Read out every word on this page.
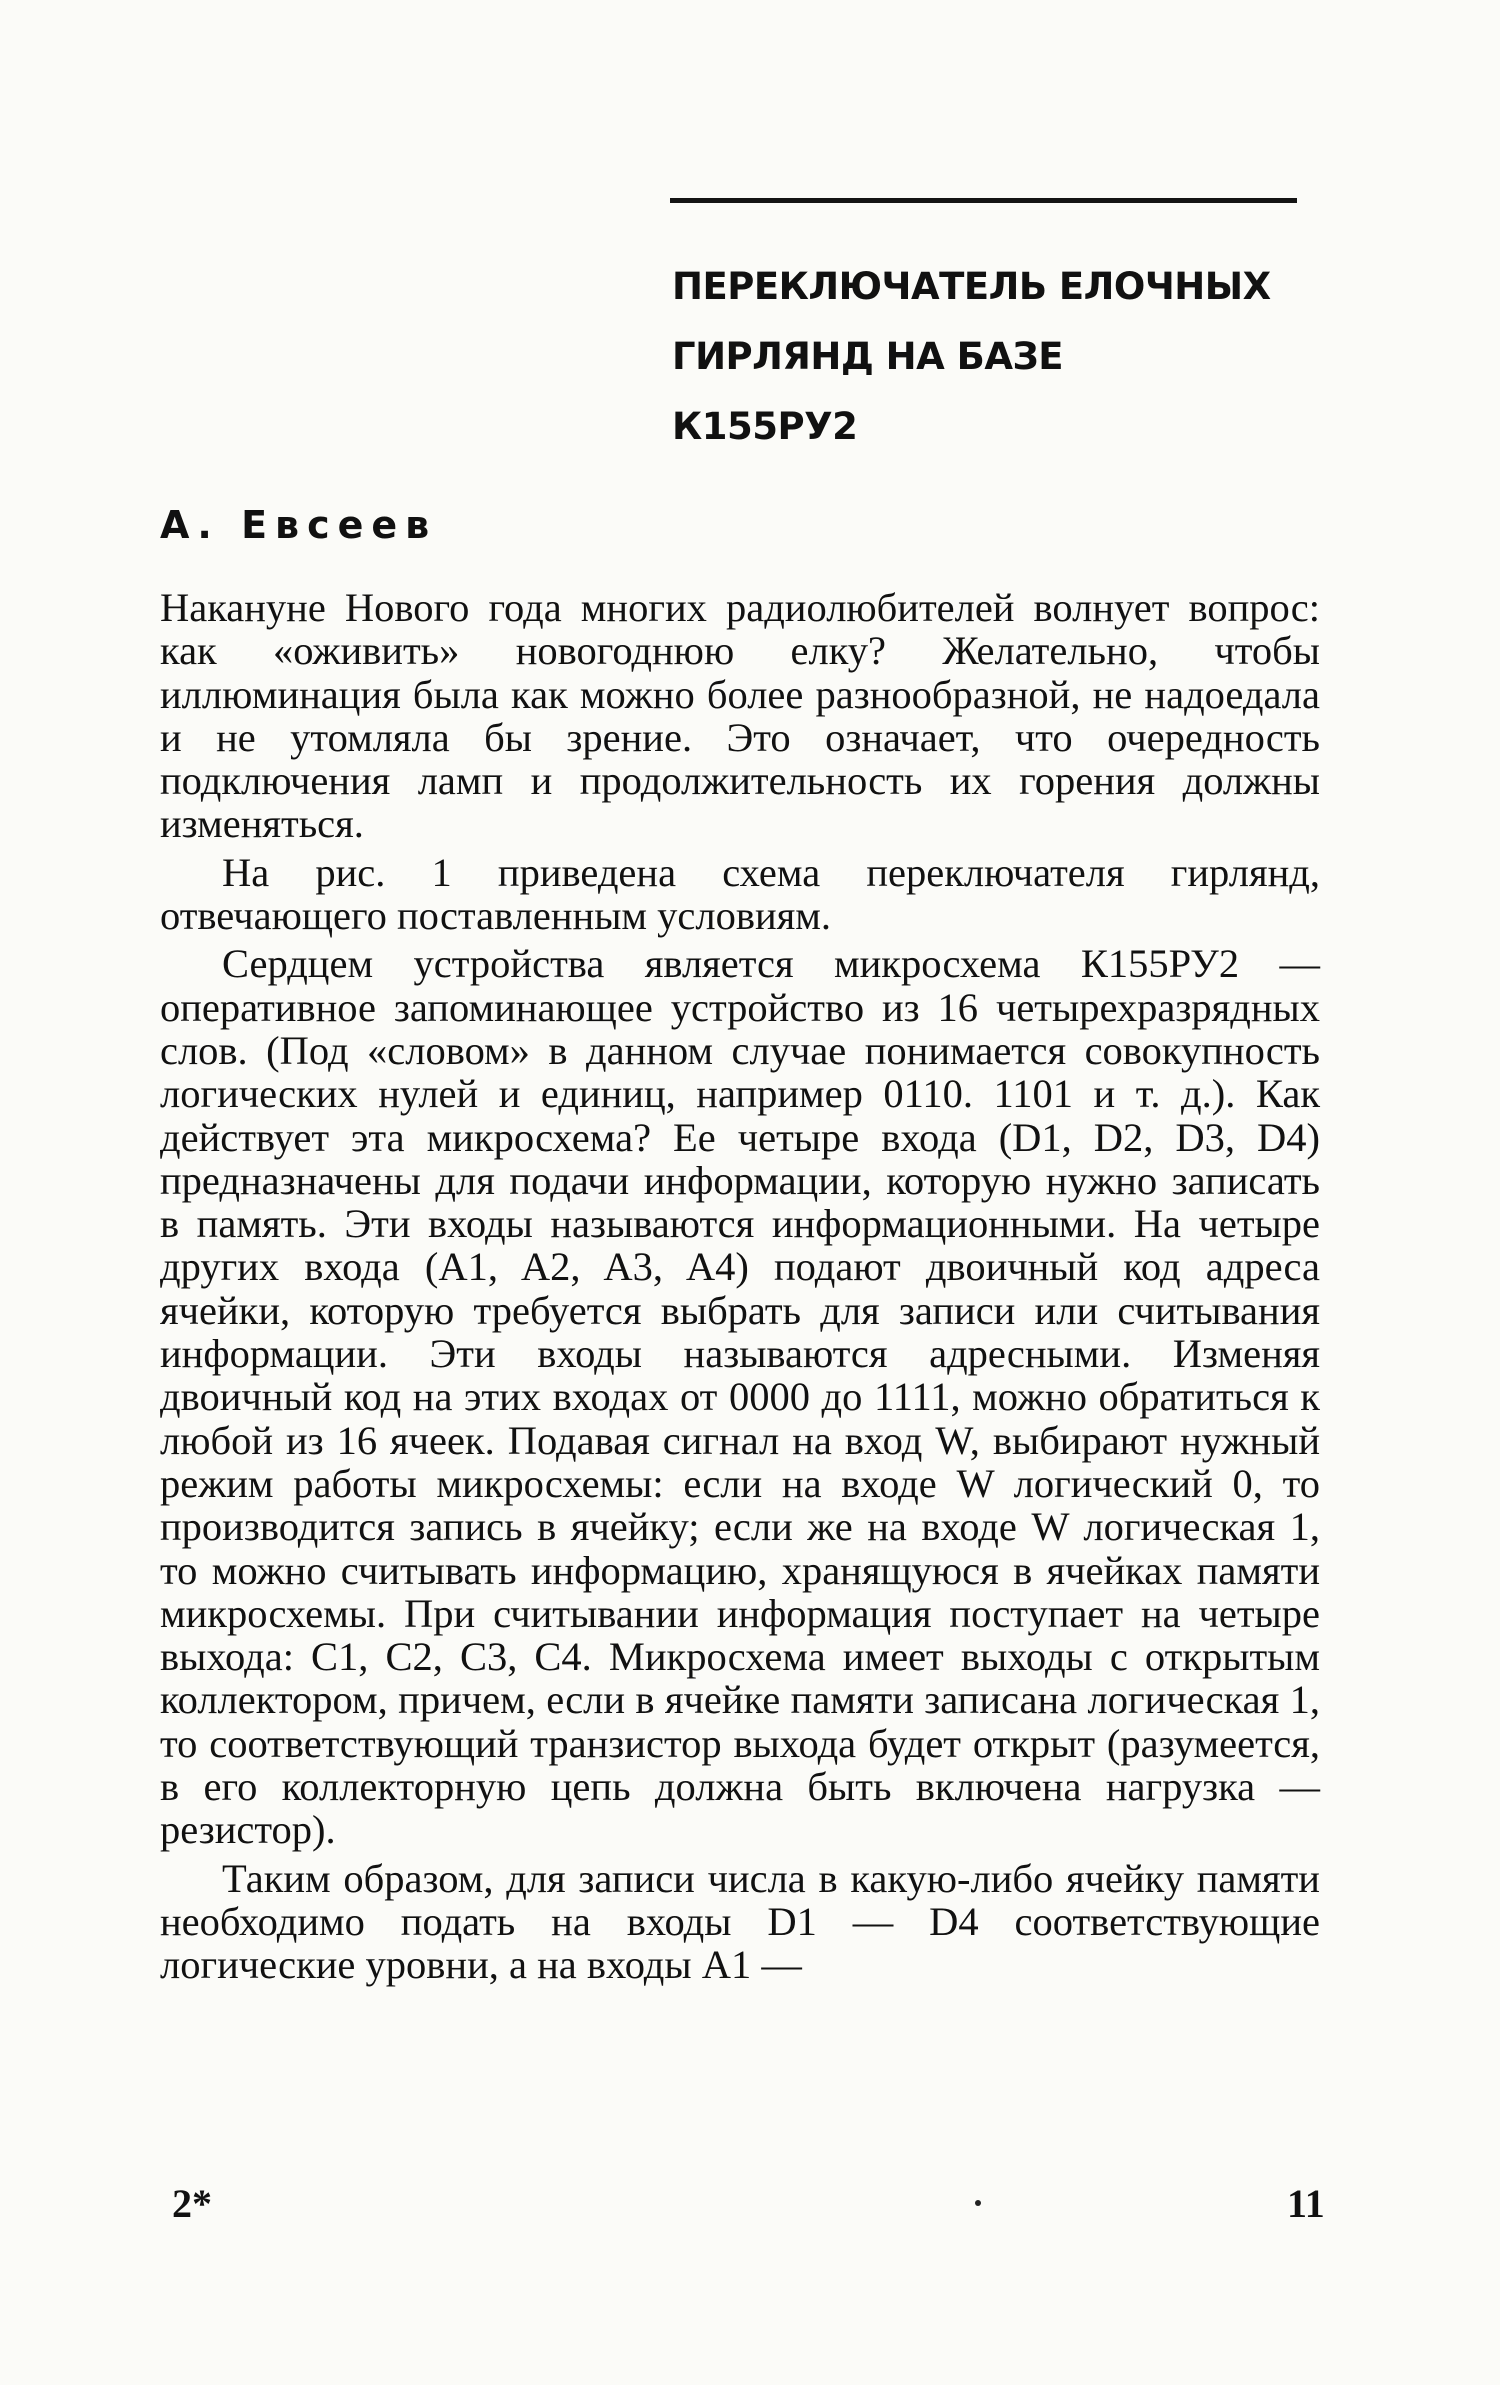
ПЕРЕКЛЮЧАТЕЛЬ ЕЛОЧНЫХ
ГИРЛЯНД НА БАЗЕ
К155РУ2

А. Евсеев

Накануне Нового года многих радиолюбителей волнует вопрос: как «оживить» новогоднюю елку? Желательно, чтобы иллюминация была как можно более разнообразной, не надоедала и не утомляла бы зрение. Это означает, что очередность подключения ламп и продолжительность их горения должны изменяться.

На рис. 1 приведена схема переключателя гирлянд, отвечающего поставленным условиям.

Сердцем устройства является микросхема К155РУ2 — оперативное запоминающее устройство из 16 четырехразрядных слов. (Под «словом» в данном случае понимается совокупность логических нулей и единиц, например 0110. 1101 и т. д.). Как действует эта микросхема? Ее четыре входа (D1, D2, D3, D4) предназначены для подачи информации, которую нужно записать в память. Эти входы называются информационными. На четыре других входа (A1, A2, A3, A4) подают двоичный код адреса ячейки, которую требуется выбрать для записи или считывания информации. Эти входы называются адресными. Изменяя двоичный код на этих входах от 0000 до 1111, можно обратиться к любой из 16 ячеек. Подавая сигнал на вход W, выбирают нужный режим работы микросхемы: если на входе W логический 0, то производится запись в ячейку; если же на входе W логическая 1, то можно считывать информацию, хранящуюся в ячейках памяти микросхемы. При считывании информация поступает на четыре выхода: C1, C2, C3, C4. Микросхема имеет выходы с открытым коллектором, причем, если в ячейке памяти записана логическая 1, то соответствующий транзистор выхода будет открыт (разумеется, в его коллекторную цепь должна быть включена нагрузка — резистор).

Таким образом, для записи числа в какую-либо ячейку памяти необходимо подать на входы D1 — D4 соответствующие логические уровни, а на входы A1 —

2*	11
